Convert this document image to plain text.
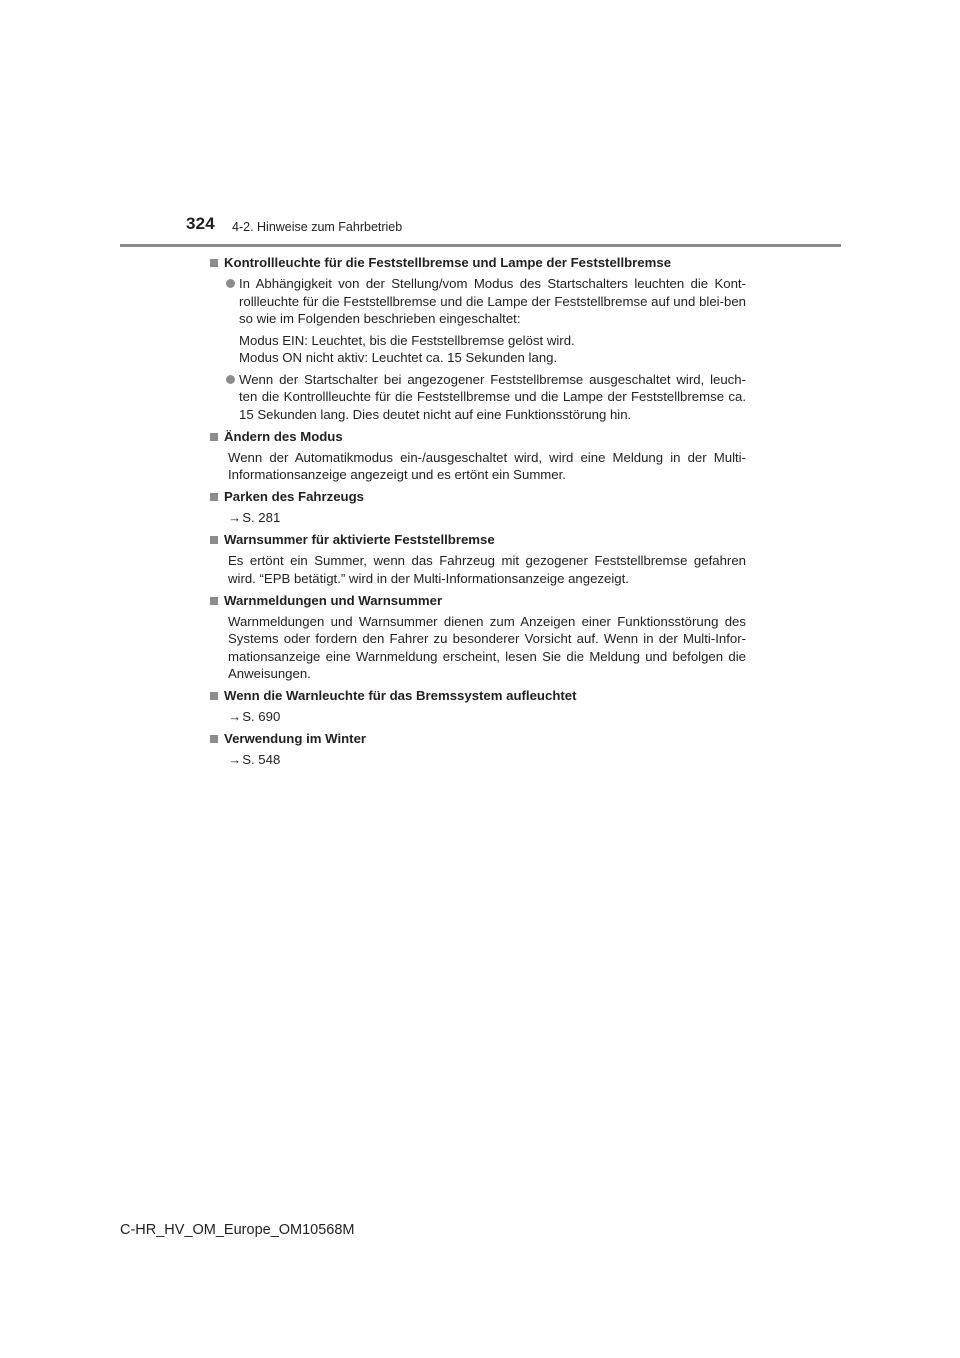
324 4-2. Hinweise zum Fahrbetrieb
Kontrollleuchte für die Feststellbremse und Lampe der Feststellbremse
In Abhängigkeit von der Stellung/vom Modus des Startschalters leuchten die Kont-rollleuchte für die Feststellbremse und die Lampe der Feststellbremse auf und blei-ben so wie im Folgenden beschrieben eingeschaltet:
Modus EIN: Leuchtet, bis die Feststellbremse gelöst wird.
Modus ON nicht aktiv: Leuchtet ca. 15 Sekunden lang.
Wenn der Startschalter bei angezogener Feststellbremse ausgeschaltet wird, leuch-ten die Kontrollleuchte für die Feststellbremse und die Lampe der Feststellbremse ca. 15 Sekunden lang. Dies deutet nicht auf eine Funktionsstörung hin.
Ändern des Modus
Wenn der Automatikmodus ein-/ausgeschaltet wird, wird eine Meldung in der Multi-Informationsanzeige angezeigt und es ertönt ein Summer.
Parken des Fahrzeugs
→S. 281
Warnsummer für aktivierte Feststellbremse
Es ertönt ein Summer, wenn das Fahrzeug mit gezogener Feststellbremse gefahren wird. “EPB betätigt.” wird in der Multi-Informationsanzeige angezeigt.
Warnmeldungen und Warnsummer
Warnmeldungen und Warnsummer dienen zum Anzeigen einer Funktionsstörung des Systems oder fordern den Fahrer zu besonderer Vorsicht auf. Wenn in der Multi-Infor-mationsanzeige eine Warnmeldung erscheint, lesen Sie die Meldung und befolgen die Anweisungen.
Wenn die Warnleuchte für das Bremssystem aufleuchtet
→S. 690
Verwendung im Winter
→S. 548
C-HR_HV_OM_Europe_OM10568M
